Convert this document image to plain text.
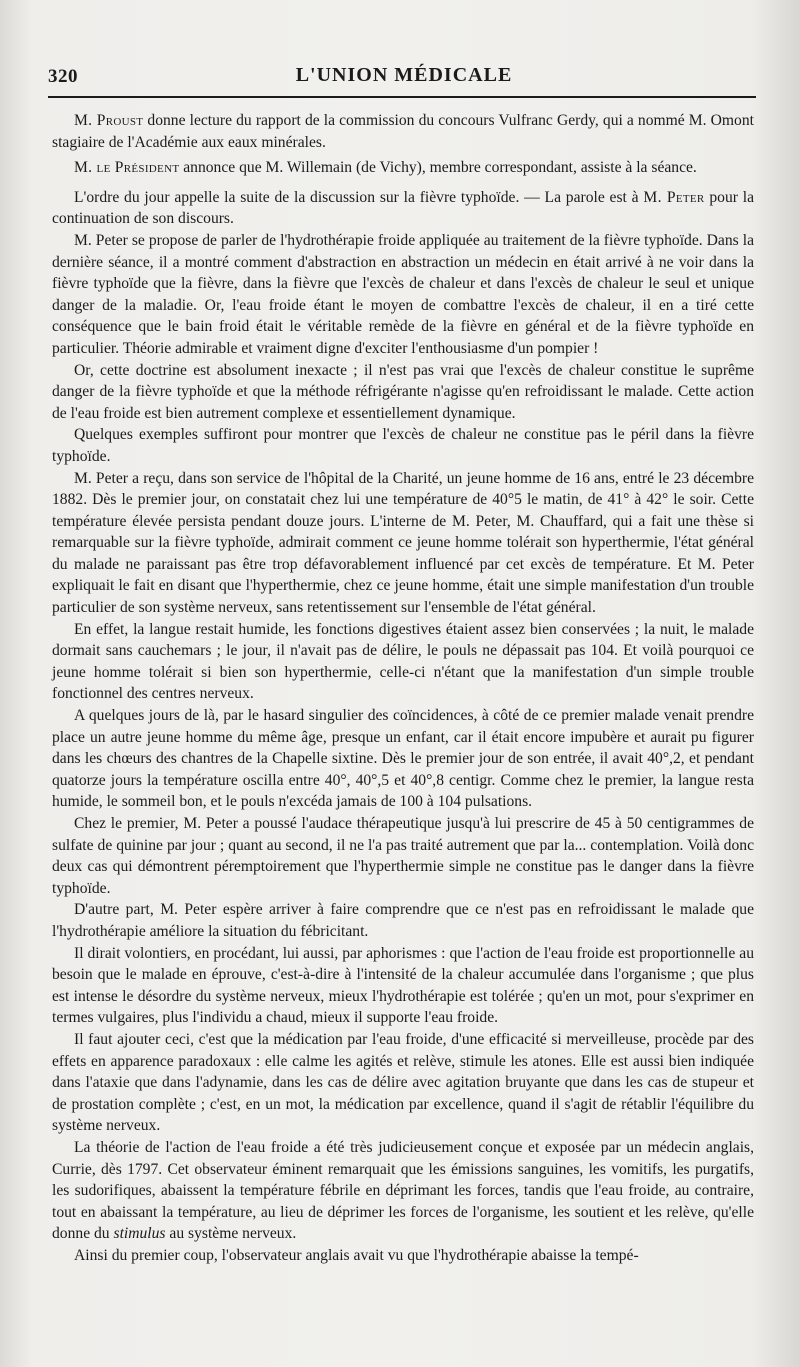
320	L'UNION MÉDICALE

M. Proust donne lecture du rapport de la commission du concours Vulfranc Gerdy, qui a nommé M. Omont stagiaire de l'Académie aux eaux minérales.

M. le Président annonce que M. Willemain (de Vichy), membre correspondant, assiste à la séance.

L'ordre du jour appelle la suite de la discussion sur la fièvre typhoïde. — La parole est à M. Peter pour la continuation de son discours.

M. Peter se propose de parler de l'hydrothérapie froide appliquée au traitement de la fièvre typhoïde. Dans la dernière séance, il a montré comment d'abstraction en abstraction un médecin en était arrivé à ne voir dans la fièvre typhoïde que la fièvre, dans la fièvre que l'excès de chaleur et dans l'excès de chaleur le seul et unique danger de la maladie. Or, l'eau froide étant le moyen de combattre l'excès de chaleur, il en a tiré cette conséquence que le bain froid était le véritable remède de la fièvre en général et de la fièvre typhoïde en particulier. Théorie admirable et vraiment digne d'exciter l'enthousiasme d'un pompier !

Or, cette doctrine est absolument inexacte ; il n'est pas vrai que l'excès de chaleur constitue le suprême danger de la fièvre typhoïde et que la méthode réfrigérante n'agisse qu'en refroidissant le malade. Cette action de l'eau froide est bien autrement complexe et essentiellement dynamique.

Quelques exemples suffiront pour montrer que l'excès de chaleur ne constitue pas le péril dans la fièvre typhoïde.

M. Peter a reçu, dans son service de l'hôpital de la Charité, un jeune homme de 16 ans, entré le 23 décembre 1882. Dès le premier jour, on constatait chez lui une température de 40°5 le matin, de 41° à 42° le soir. Cette température élevée persista pendant douze jours. L'interne de M. Peter, M. Chauffard, qui a fait une thèse si remarquable sur la fièvre typhoïde, admirait comment ce jeune homme tolérait son hyperthermie, l'état général du malade ne paraissant pas être trop défavorablement influencé par cet excès de température. Et M. Peter expliquait le fait en disant que l'hyperthermie, chez ce jeune homme, était une simple manifestation d'un trouble particulier de son système nerveux, sans retentissement sur l'ensemble de l'état général.

En effet, la langue restait humide, les fonctions digestives étaient assez bien conservées ; la nuit, le malade dormait sans cauchemars ; le jour, il n'avait pas de délire, le pouls ne dépassait pas 104. Et voilà pourquoi ce jeune homme tolérait si bien son hyperthermie, celle-ci n'étant que la manifestation d'un simple trouble fonctionnel des centres nerveux.

A quelques jours de là, par le hasard singulier des coïncidences, à côté de ce premier malade venait prendre place un autre jeune homme du même âge, presque un enfant, car il était encore impubère et aurait pu figurer dans les chœurs des chantres de la Chapelle sixtine. Dès le premier jour de son entrée, il avait 40°,2, et pendant quatorze jours la température oscilla entre 40°, 40°,5 et 40°,8 centigr. Comme chez le premier, la langue resta humide, le sommeil bon, et le pouls n'excéda jamais de 100 à 104 pulsations.

Chez le premier, M. Peter a poussé l'audace thérapeutique jusqu'à lui prescrire de 45 à 50 centigrammes de sulfate de quinine par jour ; quant au second, il ne l'a pas traité autrement que par la... contemplation. Voilà donc deux cas qui démontrent péremptoirement que l'hyperthermie simple ne constitue pas le danger dans la fièvre typhoïde.

D'autre part, M. Peter espère arriver à faire comprendre que ce n'est pas en refroidissant le malade que l'hydrothérapie améliore la situation du fébricitant.

Il dirait volontiers, en procédant, lui aussi, par aphorismes : que l'action de l'eau froide est proportionnelle au besoin que le malade en éprouve, c'est-à-dire à l'intensité de la chaleur accumulée dans l'organisme ; que plus est intense le désordre du système nerveux, mieux l'hydrothérapie est tolérée ; qu'en un mot, pour s'exprimer en termes vulgaires, plus l'individu a chaud, mieux il supporte l'eau froide.

Il faut ajouter ceci, c'est que la médication par l'eau froide, d'une efficacité si merveilleuse, procède par des effets en apparence paradoxaux : elle calme les agités et relève, stimule les atones. Elle est aussi bien indiquée dans l'ataxie que dans l'adynamie, dans les cas de délire avec agitation bruyante que dans les cas de stupeur et de prostation complète ; c'est, en un mot, la médication par excellence, quand il s'agit de rétablir l'équilibre du système nerveux.

La théorie de l'action de l'eau froide a été très judicieusement conçue et exposée par un médecin anglais, Currie, dès 1797. Cet observateur éminent remarquait que les émissions sanguines, les vomitifs, les purgatifs, les sudorifiques, abaissent la température fébrile en déprimant les forces, tandis que l'eau froide, au contraire, tout en abaissant la température, au lieu de déprimer les forces de l'organisme, les soutient et les relève, qu'elle donne du stimulus au système nerveux.

Ainsi du premier coup, l'observateur anglais avait vu que l'hydrothérapie abaisse la tempé-
